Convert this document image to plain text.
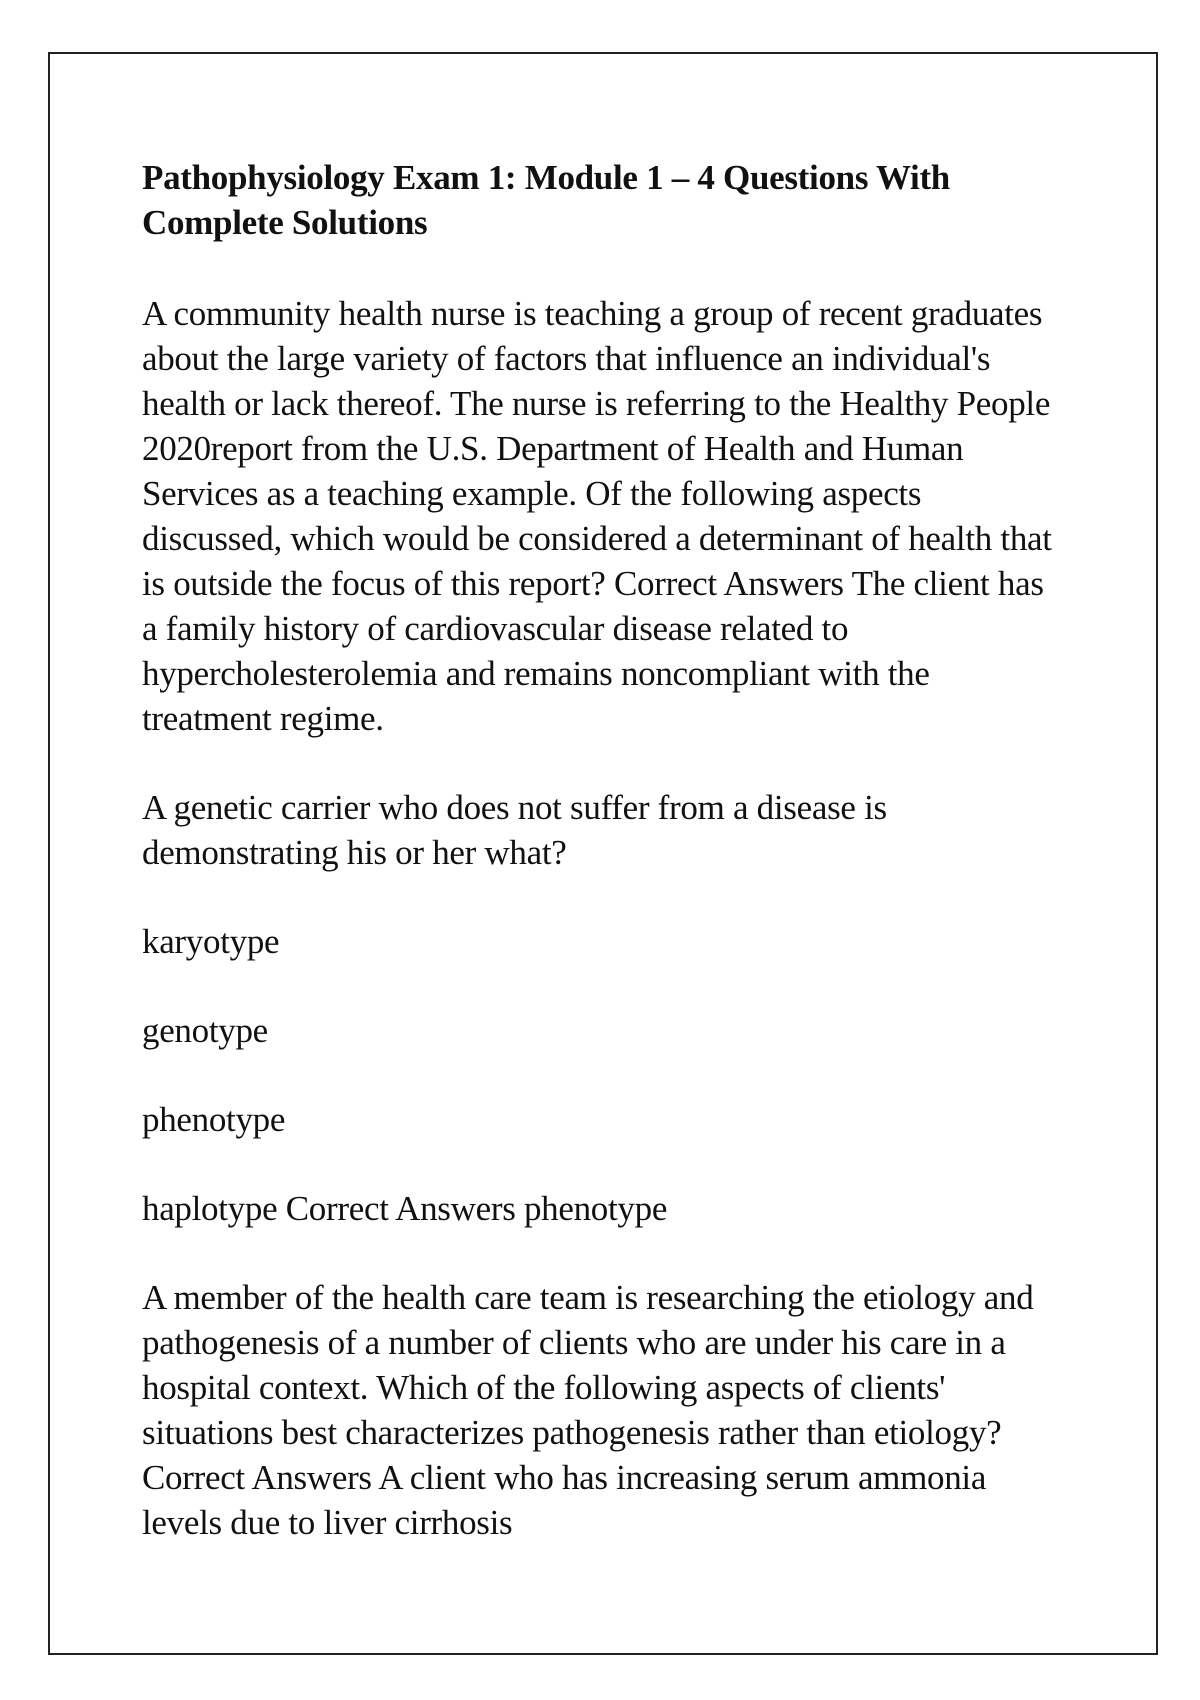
Pathophysiology Exam 1: Module 1 – 4 Questions With Complete Solutions

A community health nurse is teaching a group of recent graduates about the large variety of factors that influence an individual's health or lack thereof. The nurse is referring to the Healthy People 2020report from the U.S. Department of Health and Human Services as a teaching example. Of the following aspects discussed, which would be considered a determinant of health that is outside the focus of this report? Correct Answers The client has a family history of cardiovascular disease related to hypercholesterolemia and remains noncompliant with the treatment regime.

A genetic carrier who does not suffer from a disease is demonstrating his or her what?

karyotype

genotype

phenotype

haplotype Correct Answers phenotype

A member of the health care team is researching the etiology and pathogenesis of a number of clients who are under his care in a hospital context. Which of the following aspects of clients' situations best characterizes pathogenesis rather than etiology? Correct Answers A client who has increasing serum ammonia levels due to liver cirrhosis
